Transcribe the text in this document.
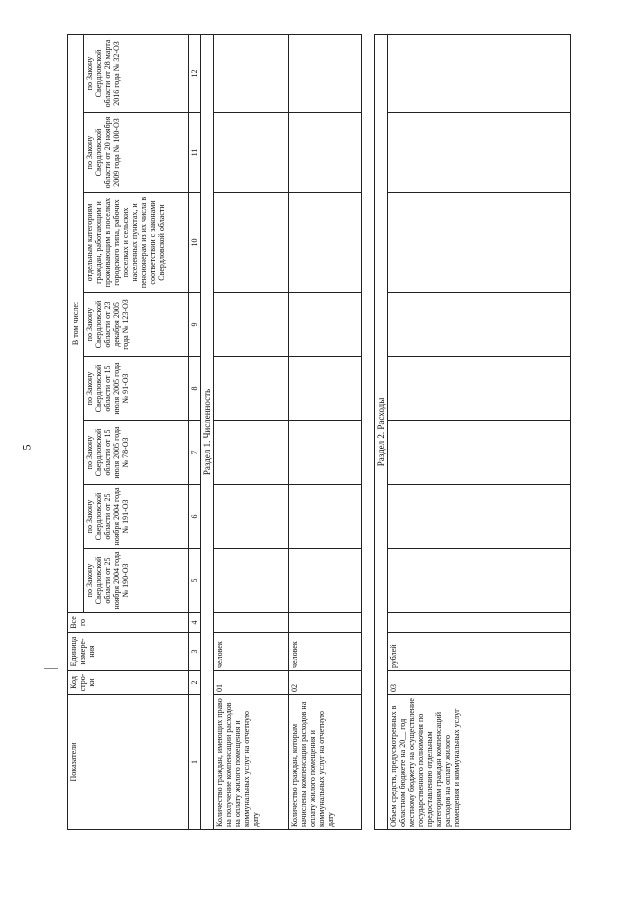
5
Показатели	Код стро-ки	Единица измере-ния	Всего	В том числе:							
				по Закону Свердловской области от 25 ноября 2004 года № 190-ОЗ	по Закону Свердловской области от 25 ноября 2004 года № 191-ОЗ	по Закону Свердловской области от 15 июля 2005 года № 78-ОЗ	по Закону Свердловской области от 15 июля 2005 года № 91-ОЗ	по Закону Свердловской области от 23 декабря 2005 года № 123-ОЗ	отдельным категориям граждан, работающим и проживающим в поселках городского типа, рабочих поселках и сельских населенных пунктах, и пенсионерам из их числа в соответствии с законами Свердловской области	по Закону Свердловской области от 20 ноября 2009 года № 100-ОЗ	по Закону Свердловской области от 28 марта 2016 года № 32-ОЗ
1	2	3	4	5	6	7	8	9	10	11	12
Раздел 1. Численность											
Количество граждан, имеющих право на получение компенсации расходов на оплату жилого помещения и коммунальных услуг на отчетную дату	01	человек									
Количество граждан, которым начислены компенсации расходов на оплату жилого помещения и коммунальных услуг на отчетную дату	02	человек									

Раздел 2. Расходы											
Объем средств, предусмотренных в областном бюджете на 20__ год местному бюджету на осуществление государственного полномочия по предоставлению отдельным категориям граждан компенсаций расходов на оплату жилого помещения и коммунальных услуг	03	рублей									
